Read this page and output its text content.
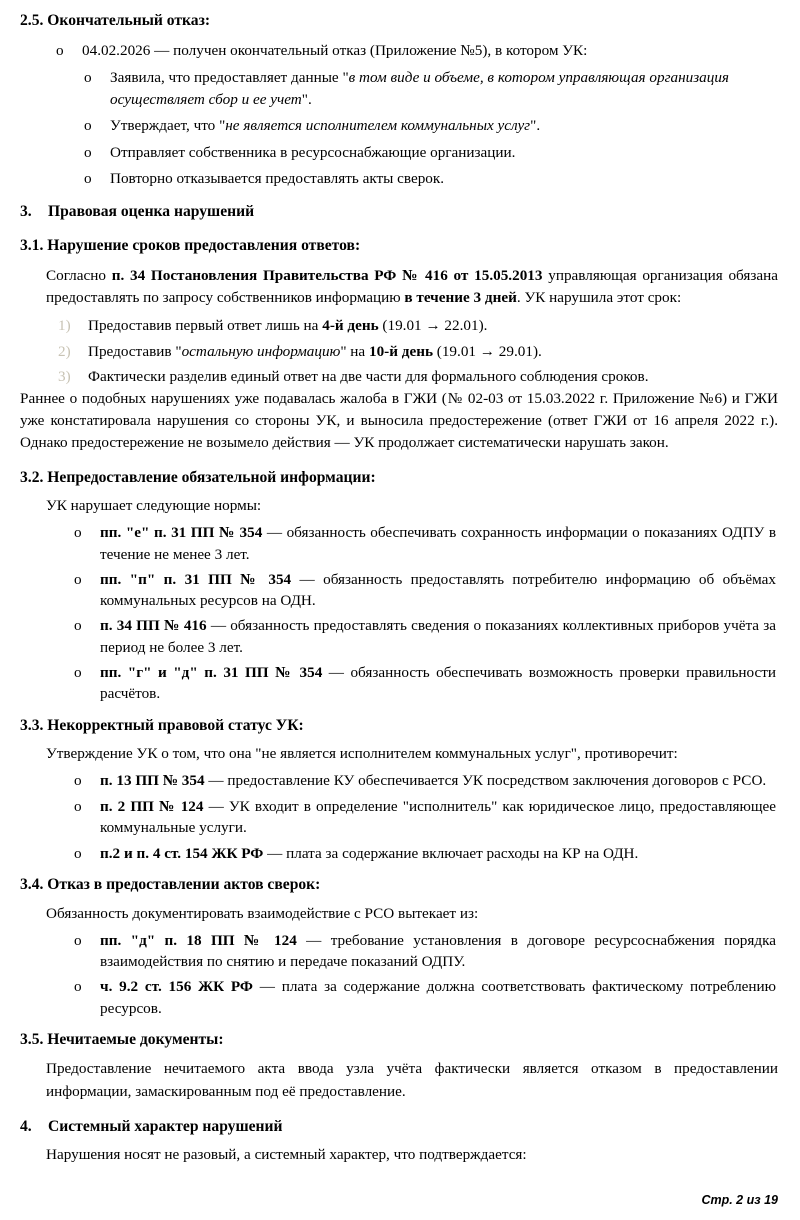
2.5. Окончательный отказ:
o	04.02.2026 — получен окончательный отказ (Приложение №5), в котором УК:
o	Заявила, что предоставляет данные "в том виде и объеме, в котором управляющая организация осуществляет сбор и ее учет".
o	Утверждает, что "не является исполнителем коммунальных услуг".
o	Отправляет собственника в ресурсоснабжающие организации.
o	Повторно отказывается предоставлять акты сверок.
3.	Правовая оценка нарушений
3.1. Нарушение сроков предоставления ответов:

Согласно п. 34 Постановления Правительства РФ № 416 от 15.05.2013 управляющая организация обязана предоставлять по запросу собственников информацию в течение 3 дней. УК нарушила этот срок:

1)	Предоставив первый ответ лишь на 4-й день (19.01 → 22.01).
2)	Предоставив "остальную информацию" на 10-й день (19.01 → 29.01).
3)	Фактически разделив единый ответ на две части для формального соблюдения сроков.

Раннее о подобных нарушениях уже подавалась жалоба в ГЖИ (№ 02-03 от 15.03.2022 г. Приложение №6) и ГЖИ уже констатировала нарушения со стороны УК, и выносила предостережение (ответ ГЖИ от 16 апреля 2022 г.). Однако предостережение не возымело действия — УК продолжает систематически нарушать закон.

3.2. Непредоставление обязательной информации:

УК нарушает следующие нормы:

o	пп. "е" п. 31 ПП № 354 — обязанность обеспечивать сохранность информации о показаниях ОДПУ в течение не менее 3 лет.
o	пп. "п" п. 31 ПП № 354 — обязанность предоставлять потребителю информацию об объёмах коммунальных ресурсов на ОДН.
o	п. 34 ПП № 416 — обязанность предоставлять сведения о показаниях коллективных приборов учёта за период не более 3 лет.
o	пп. "г" и "д" п. 31 ПП № 354 — обязанность обеспечивать возможность проверки правильности расчётов.
3.3. Некорректный правовой статус УК:

Утверждение УК о том, что она "не является исполнителем коммунальных услуг", противоречит:

o	п. 13 ПП № 354 — предоставление КУ обеспечивается УК посредством заключения договоров с РСО.
o	п. 2 ПП № 124 — УК входит в определение "исполнитель" как юридическое лицо, предоставляющее коммунальные услуги.
o	п.2 и п. 4 ст. 154 ЖК РФ — плата за содержание включает расходы на КР на ОДН.
3.4. Отказ в предоставлении актов сверок:

Обязанность документировать взаимодействие с РСО вытекает из:

o	пп. "д" п. 18 ПП № 124 — требование установления в договоре ресурсоснабжения порядка взаимодействия по снятию и передаче показаний ОДПУ.
o	ч. 9.2 ст. 156 ЖК РФ — плата за содержание должна соответствовать фактическому потреблению ресурсов.
3.5. Нечитаемые документы:

Предоставление нечитаемого акта ввода узла учёта фактически является отказом в предоставлении информации, замаскированным под её предоставление.

4.	Системный характер нарушений

Нарушения носят не разовый, а системный характер, что подтверждается:

Стр. 2 из 19
